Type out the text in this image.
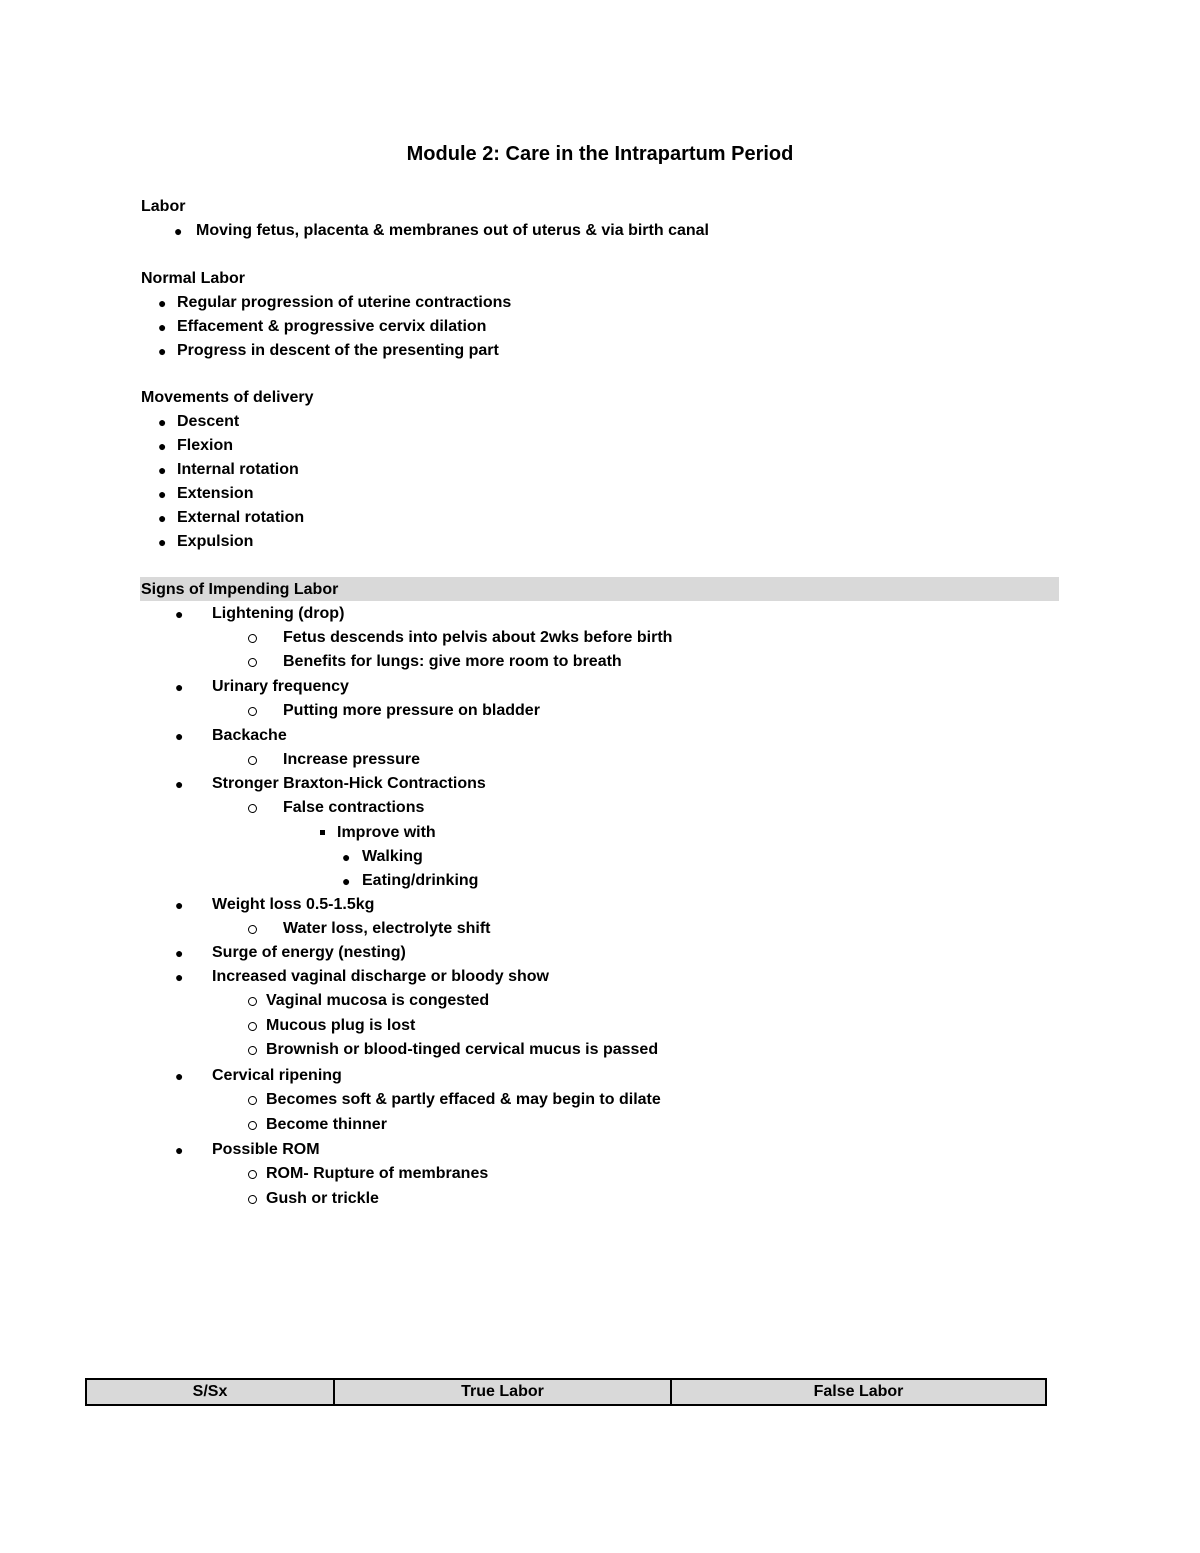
Module 2: Care in the Intrapartum Period
Labor
● Moving fetus, placenta & membranes out of uterus & via birth canal
Normal Labor
● Regular progression of uterine contractions
● Effacement & progressive cervix dilation
● Progress in descent of the presenting part
Movements of delivery
● Descent
● Flexion
● Internal rotation
● Extension
● External rotation
● Expulsion
Signs of Impending Labor
● Lightening (drop)
Fetus descends into pelvis about 2wks before birth
Benefits for lungs: give more room to breath
● Urinary frequency
Putting more pressure on bladder
● Backache
Increase pressure
● Stronger Braxton-Hick Contractions
False contractions
Improve with
● Walking
● Eating/drinking
● Weight loss 0.5-1.5kg
Water loss, electrolyte shift
● Surge of energy (nesting)
● Increased vaginal discharge or bloody show
Vaginal mucosa is congested
Mucous plug is lost
Brownish or blood-tinged cervical mucus is passed
● Cervical ripening
Becomes soft & partly effaced & may begin to dilate
Become thinner
● Possible ROM
ROM- Rupture of membranes
Gush or trickle
S/Sx	True Labor	False Labor
